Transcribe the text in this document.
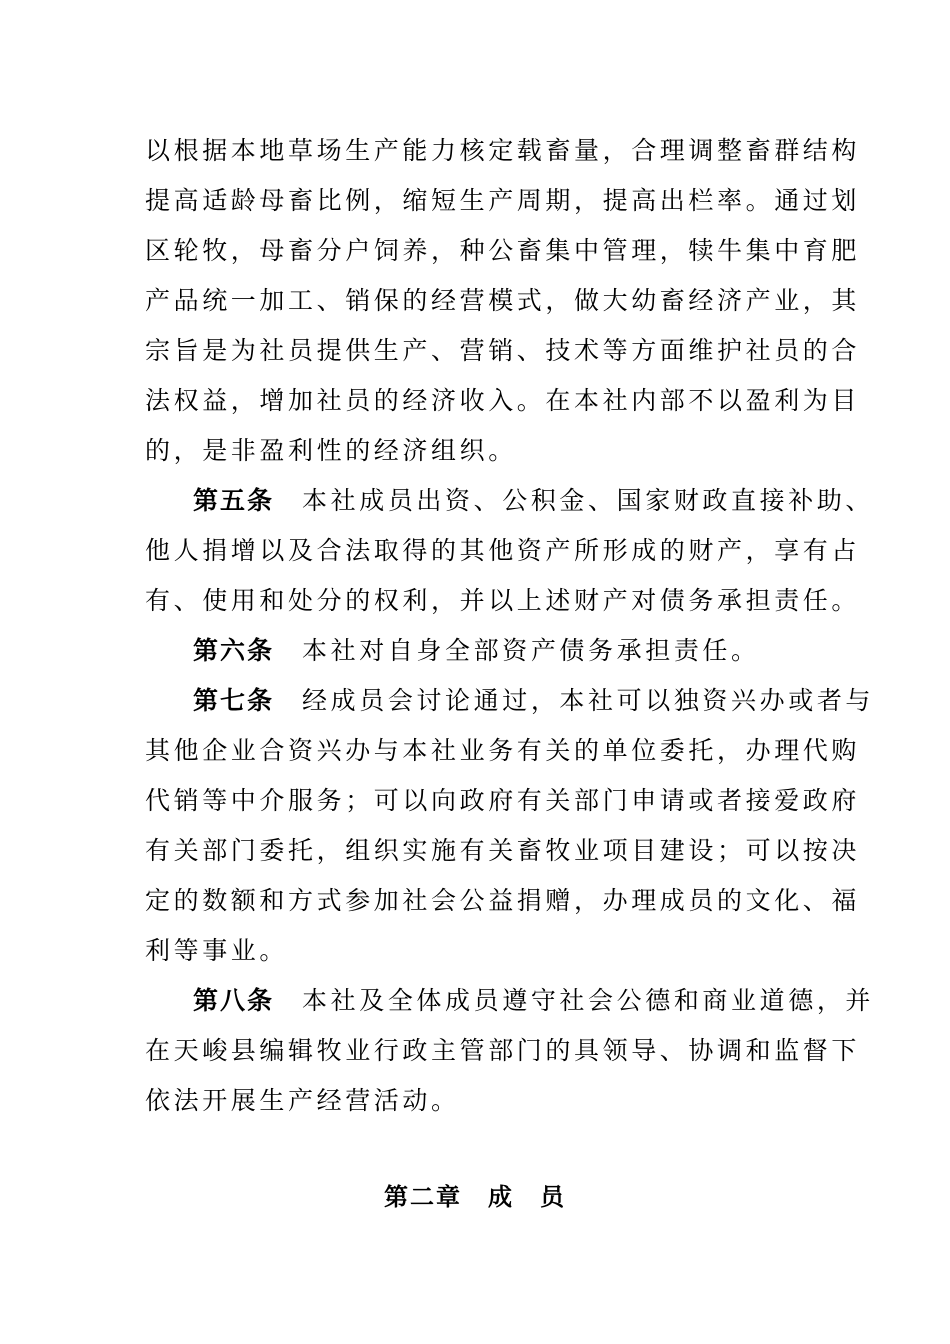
以根据本地草场生产能力核定载畜量，合理调整畜群结构
提高适龄母畜比例，缩短生产周期，提高出栏率。通过划
区轮牧，母畜分户饲养，种公畜集中管理，犊牛集中育肥
产品统一加工、销保的经营模式，做大幼畜经济产业，其
宗旨是为社员提供生产、营销、技术等方面维护社员的合
法权益，增加社员的经济收入。在本社内部不以盈利为目
的，是非盈利性的经济组织。
第五条 本社成员出资、公积金、国家财政直接补助、
他人捐增以及合法取得的其他资产所形成的财产，享有占
有、使用和处分的权利，并以上述财产对债务承担责任。
第六条 本社对自身全部资产债务承担责任。
第七条 经成员会讨论通过，本社可以独资兴办或者与
其他企业合资兴办与本社业务有关的单位委托，办理代购
代销等中介服务；可以向政府有关部门申请或者接爱政府
有关部门委托，组织实施有关畜牧业项目建设；可以按决
定的数额和方式参加社会公益捐赠，办理成员的文化、福
利等事业。
第八条 本社及全体成员遵守社会公德和商业道德，并
在天峻县编辑牧业行政主管部门的具领导、协调和监督下
依法开展生产经营活动。
第二章　成　员
